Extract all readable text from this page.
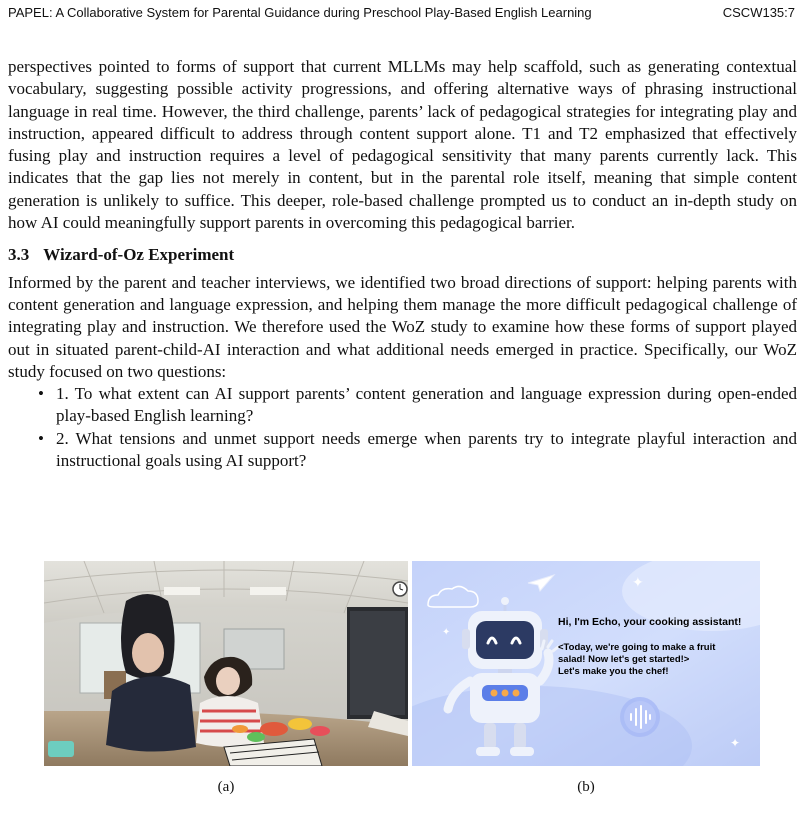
PAPEL: A Collaborative System for Parental Guidance during Preschool Play-Based English Learning	CSCW135:7

perspectives pointed to forms of support that current MLLMs may help scaffold, such as generating contextual vocabulary, suggesting possible activity progressions, and offering alternative ways of phrasing instructional language in real time. However, the third challenge, parents’ lack of pedagogical strategies for integrating play and instruction, appeared difficult to address through content support alone. T1 and T2 emphasized that effectively fusing play and instruction requires a level of pedagogical sensitivity that many parents currently lack. This indicates that the gap lies not merely in content, but in the parental role itself, meaning that simple content generation is unlikely to suffice. This deeper, role-based challenge prompted us to conduct an in-depth study on how AI could meaningfully support parents in overcoming this pedagogical barrier.

3.3 Wizard-of-Oz Experiment

Informed by the parent and teacher interviews, we identified two broad directions of support: helping parents with content generation and language expression, and helping them manage the more difficult pedagogical challenge of integrating play and instruction. We therefore used the WoZ study to examine how these forms of support played out in situated parent-child-AI interaction and what additional needs emerged in practice. Specifically, our WoZ study focused on two questions:

• 1. To what extent can AI support parents’ content generation and language expression during open-ended play-based English learning?
• 2. What tensions and unmet support needs emerge when parents try to integrate playful interaction and instructional goals using AI support?
✦
✦
✦
Hi, I'm Echo, your cooking assistant!
<Today, we're going to make a fruit
salad! Now let's get started!>
Let's make you the chef!
(a)	(b)
